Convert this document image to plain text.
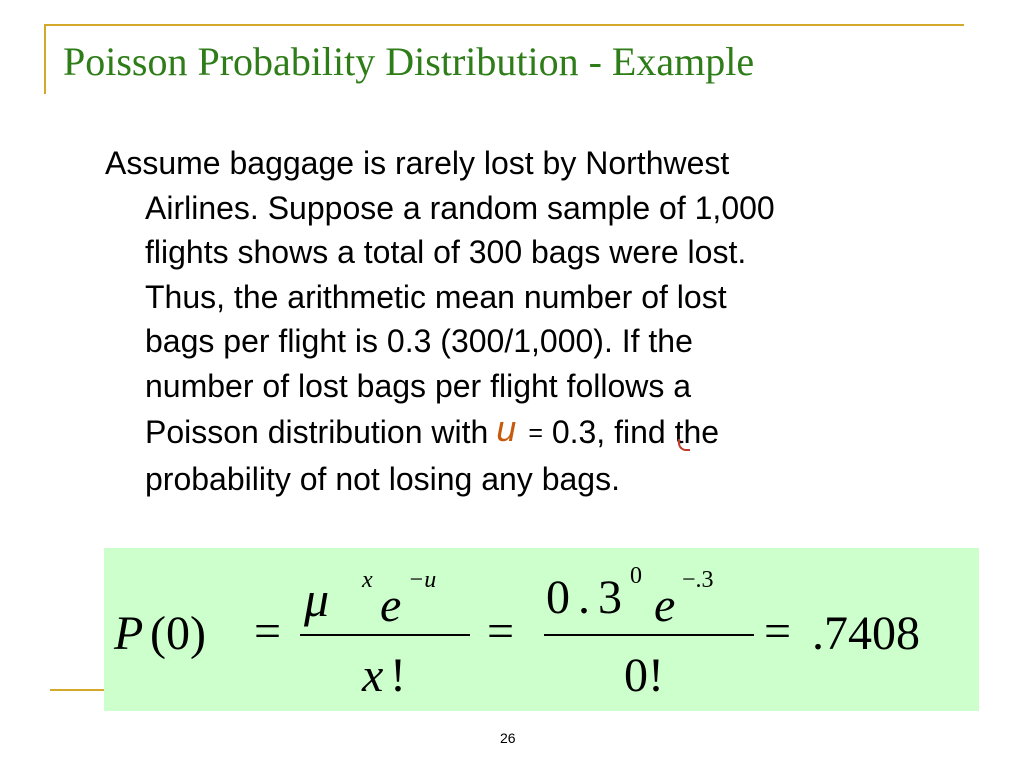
Poisson Probability Distribution - Example
Assume baggage is rarely lost by Northwest
Airlines. Suppose a random sample of 1,000
flights shows a total of 300 bags were lost.
Thus, the arithmetic mean number of lost
bags per flight is 0.3 (300/1,000). If the
number of lost bags per flight follows a
Poisson distribution with u = 0.3, find the
probability of not losing any bags.
P (0) =
μ x e −u
x !
=
0.3 0
e −.3
0!
= .7408
26
